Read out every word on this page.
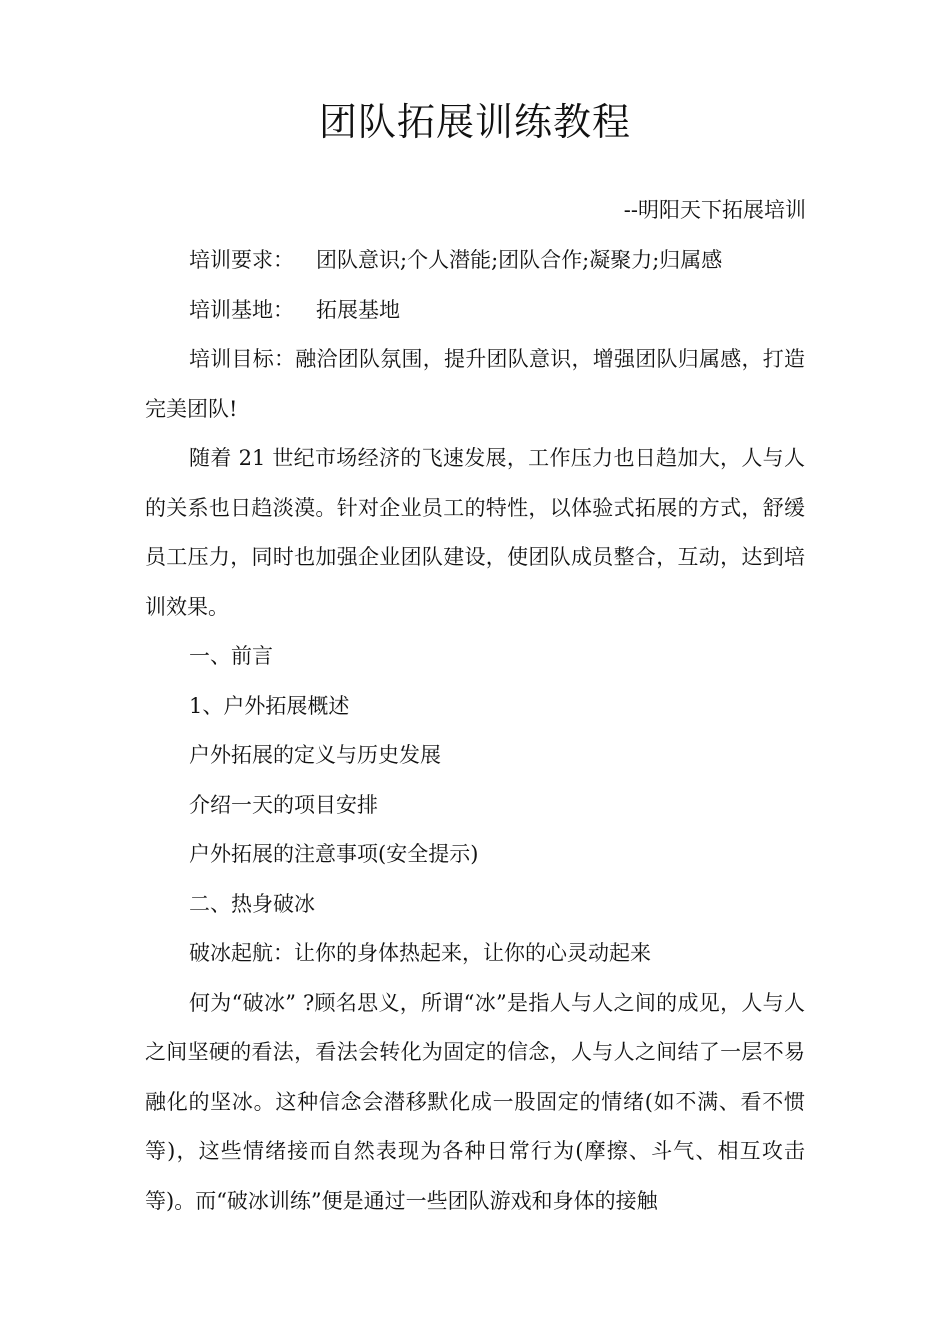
团队拓展训练教程

--明阳天下拓展培训

培训要求： 团队意识;个人潜能;团队合作;凝聚力;归属感

培训基地： 拓展基地

培训目标：融洽团队氛围，提升团队意识，增强团队归属感，打造完美团队!

随着 21 世纪市场经济的飞速发展，工作压力也日趋加大，人与人的关系也日趋淡漠。针对企业员工的特性，以体验式拓展的方式，舒缓员工压力，同时也加强企业团队建设，使团队成员整合，互动，达到培训效果。

一、前言

1、户外拓展概述

户外拓展的定义与历史发展

介绍一天的项目安排

户外拓展的注意事项(安全提示)

二、热身破冰

破冰起航：让你的身体热起来，让你的心灵动起来

何为“破冰” ?顾名思义，所谓“冰”是指人与人之间的成见，人与人之间坚硬的看法，看法会转化为固定的信念，人与人之间结了一层不易融化的坚冰。这种信念会潜移默化成一股固定的情绪(如不满、看不惯等)，这些情绪接而自然表现为各种日常行为(摩擦、斗气、相互攻击等)。而“破冰训练”便是通过一些团队游戏和身体的接触
